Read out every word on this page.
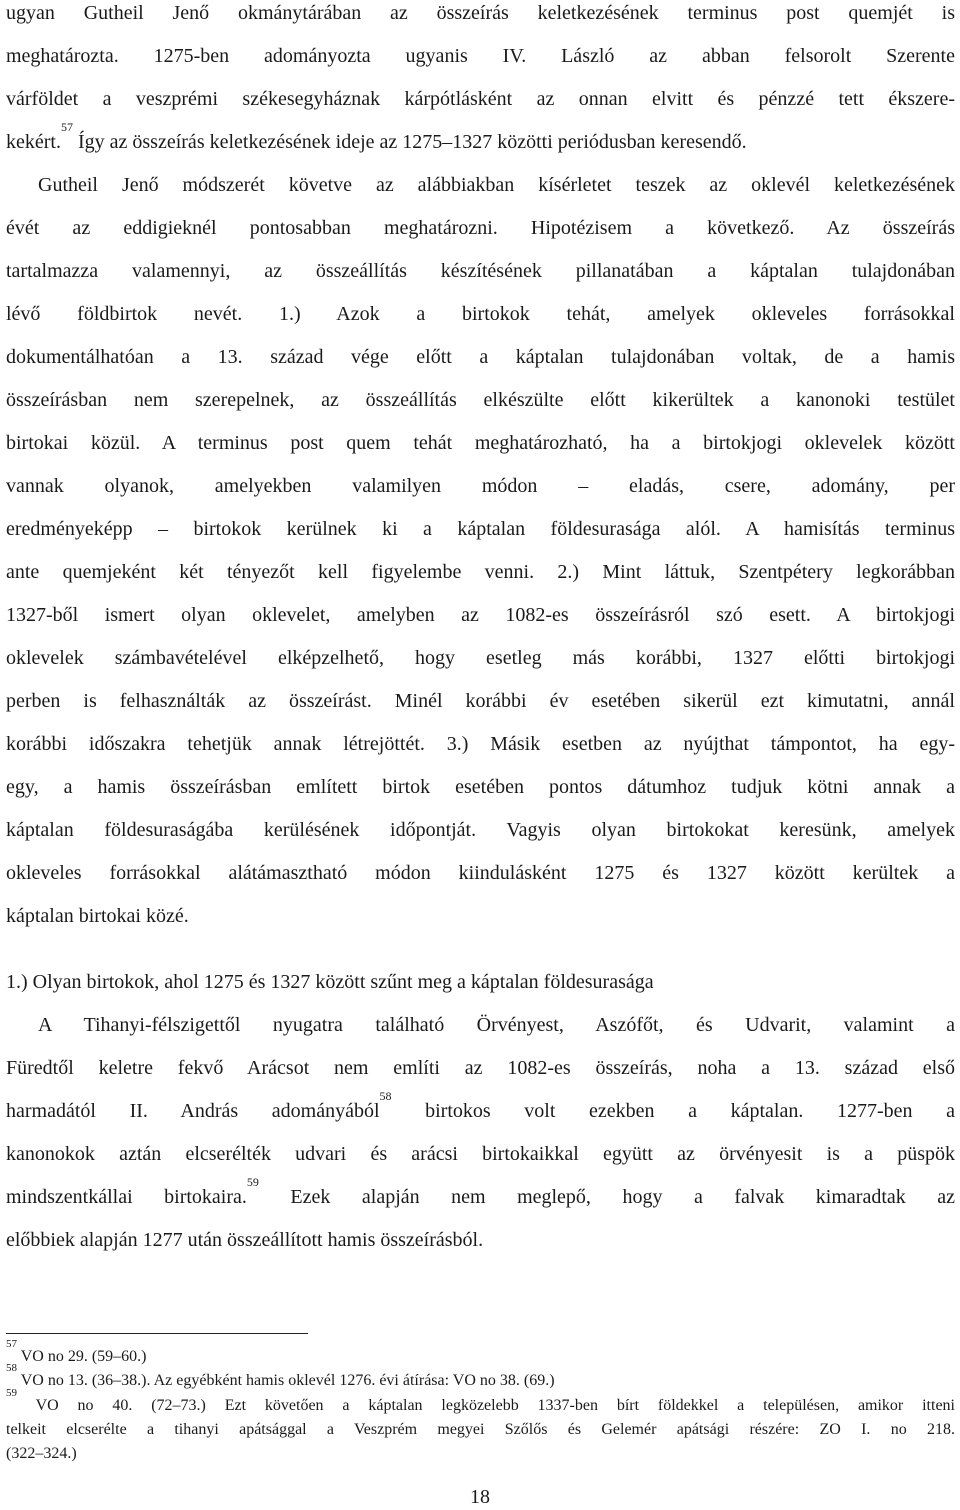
ugyan Gutheil Jenő okmánytárában az összeírás keletkezésének terminus post quemjét is
meghatározta. 1275-ben adományozta ugyanis IV. László az abban felsorolt Szerente
várföldet a veszprémi székesegyháznak kárpótlásként az onnan elvitt és pénzzé tett ékszere-
kekért.$^{57}$ Így az összeírás keletkezésének ideje az 1275–1327 közötti periódusban keresendő.
Gutheil Jenő módszerét követve az alábbiakban kísérletet teszek az oklevél keletkezésének
évét az eddigieknél pontosabban meghatározni. Hipotézisem a következő. Az összeírás
tartalmazza valamennyi, az összeállítás készítésének pillanatában a káptalan tulajdonában
lévő földbirtok nevét. 1.) Azok a birtokok tehát, amelyek okleveles forrásokkal
dokumentálhatóan a 13. század vége előtt a káptalan tulajdonában voltak, de a hamis
összeírásban nem szerepelnek, az összeállítás elkészülte előtt kikerültek a kanonoki testület
birtokai közül. A terminus post quem tehát meghatározható, ha a birtokjogi oklevelek között
vannak olyanok, amelyekben valamilyen módon – eladás, csere, adomány, per
eredményeképp – birtokok kerülnek ki a káptalan földesurasága alól. A hamisítás terminus
ante quemjeként két tényezőt kell figyelembe venni. 2.) Mint láttuk, Szentpétery legkorábban
1327-ből ismert olyan oklevelet, amelyben az 1082-es összeírásról szó esett. A birtokjogi
oklevelek számbavételével elképzelhető, hogy esetleg más korábbi, 1327 előtti birtokjogi
perben is felhasználták az összeírást. Minél korábbi év esetében sikerül ezt kimutatni, annál
korábbi időszakra tehetjük annak létrejöttét. 3.) Másik esetben az nyújthat támpontot, ha egy-
egy, a hamis összeírásban említett birtok esetében pontos dátumhoz tudjuk kötni annak a
káptalan földesuraságába kerülésének időpontját. Vagyis olyan birtokokat keresünk, amelyek
okleveles forrásokkal alátámasztható módon kiindulásként 1275 és 1327 között kerültek a
káptalan birtokai közé.
1.) Olyan birtokok, ahol 1275 és 1327 között szűnt meg a káptalan földesurasága
A Tihanyi-félszigettől nyugatra található Örvényest, Aszófőt, és Udvarit, valamint a
Füredtől keletre fekvő Arácsot nem említi az 1082-es összeírás, noha a 13. század első
harmadától II. András adományából$^{58}$ birtokos volt ezekben a káptalan. 1277-ben a
kanonokok aztán elcserélték udvari és arácsi birtokaikkal együtt az örvényesit is a püspök
mindszentkállai birtokaira.$^{59}$ Ezek alapján nem meglepő, hogy a falvak kimaradtak az
előbbiek alapján 1277 után összeállított hamis összeírásból.
$^{57}$ VO no 29. (59–60.)
$^{58}$ VO no 13. (36–38.). Az egyébként hamis oklevél 1276. évi átírása: VO no 38. (69.)
$^{59}$ VO no 40. (72–73.) Ezt követően a káptalan legközelebb 1337-ben bírt földekkel a településen, amikor itteni
telkeit elcserélte a tihanyi apátsággal a Veszprém megyei Szőlős és Gelemér apátsági részére: ZO I. no 218.
(322–324.)
18
